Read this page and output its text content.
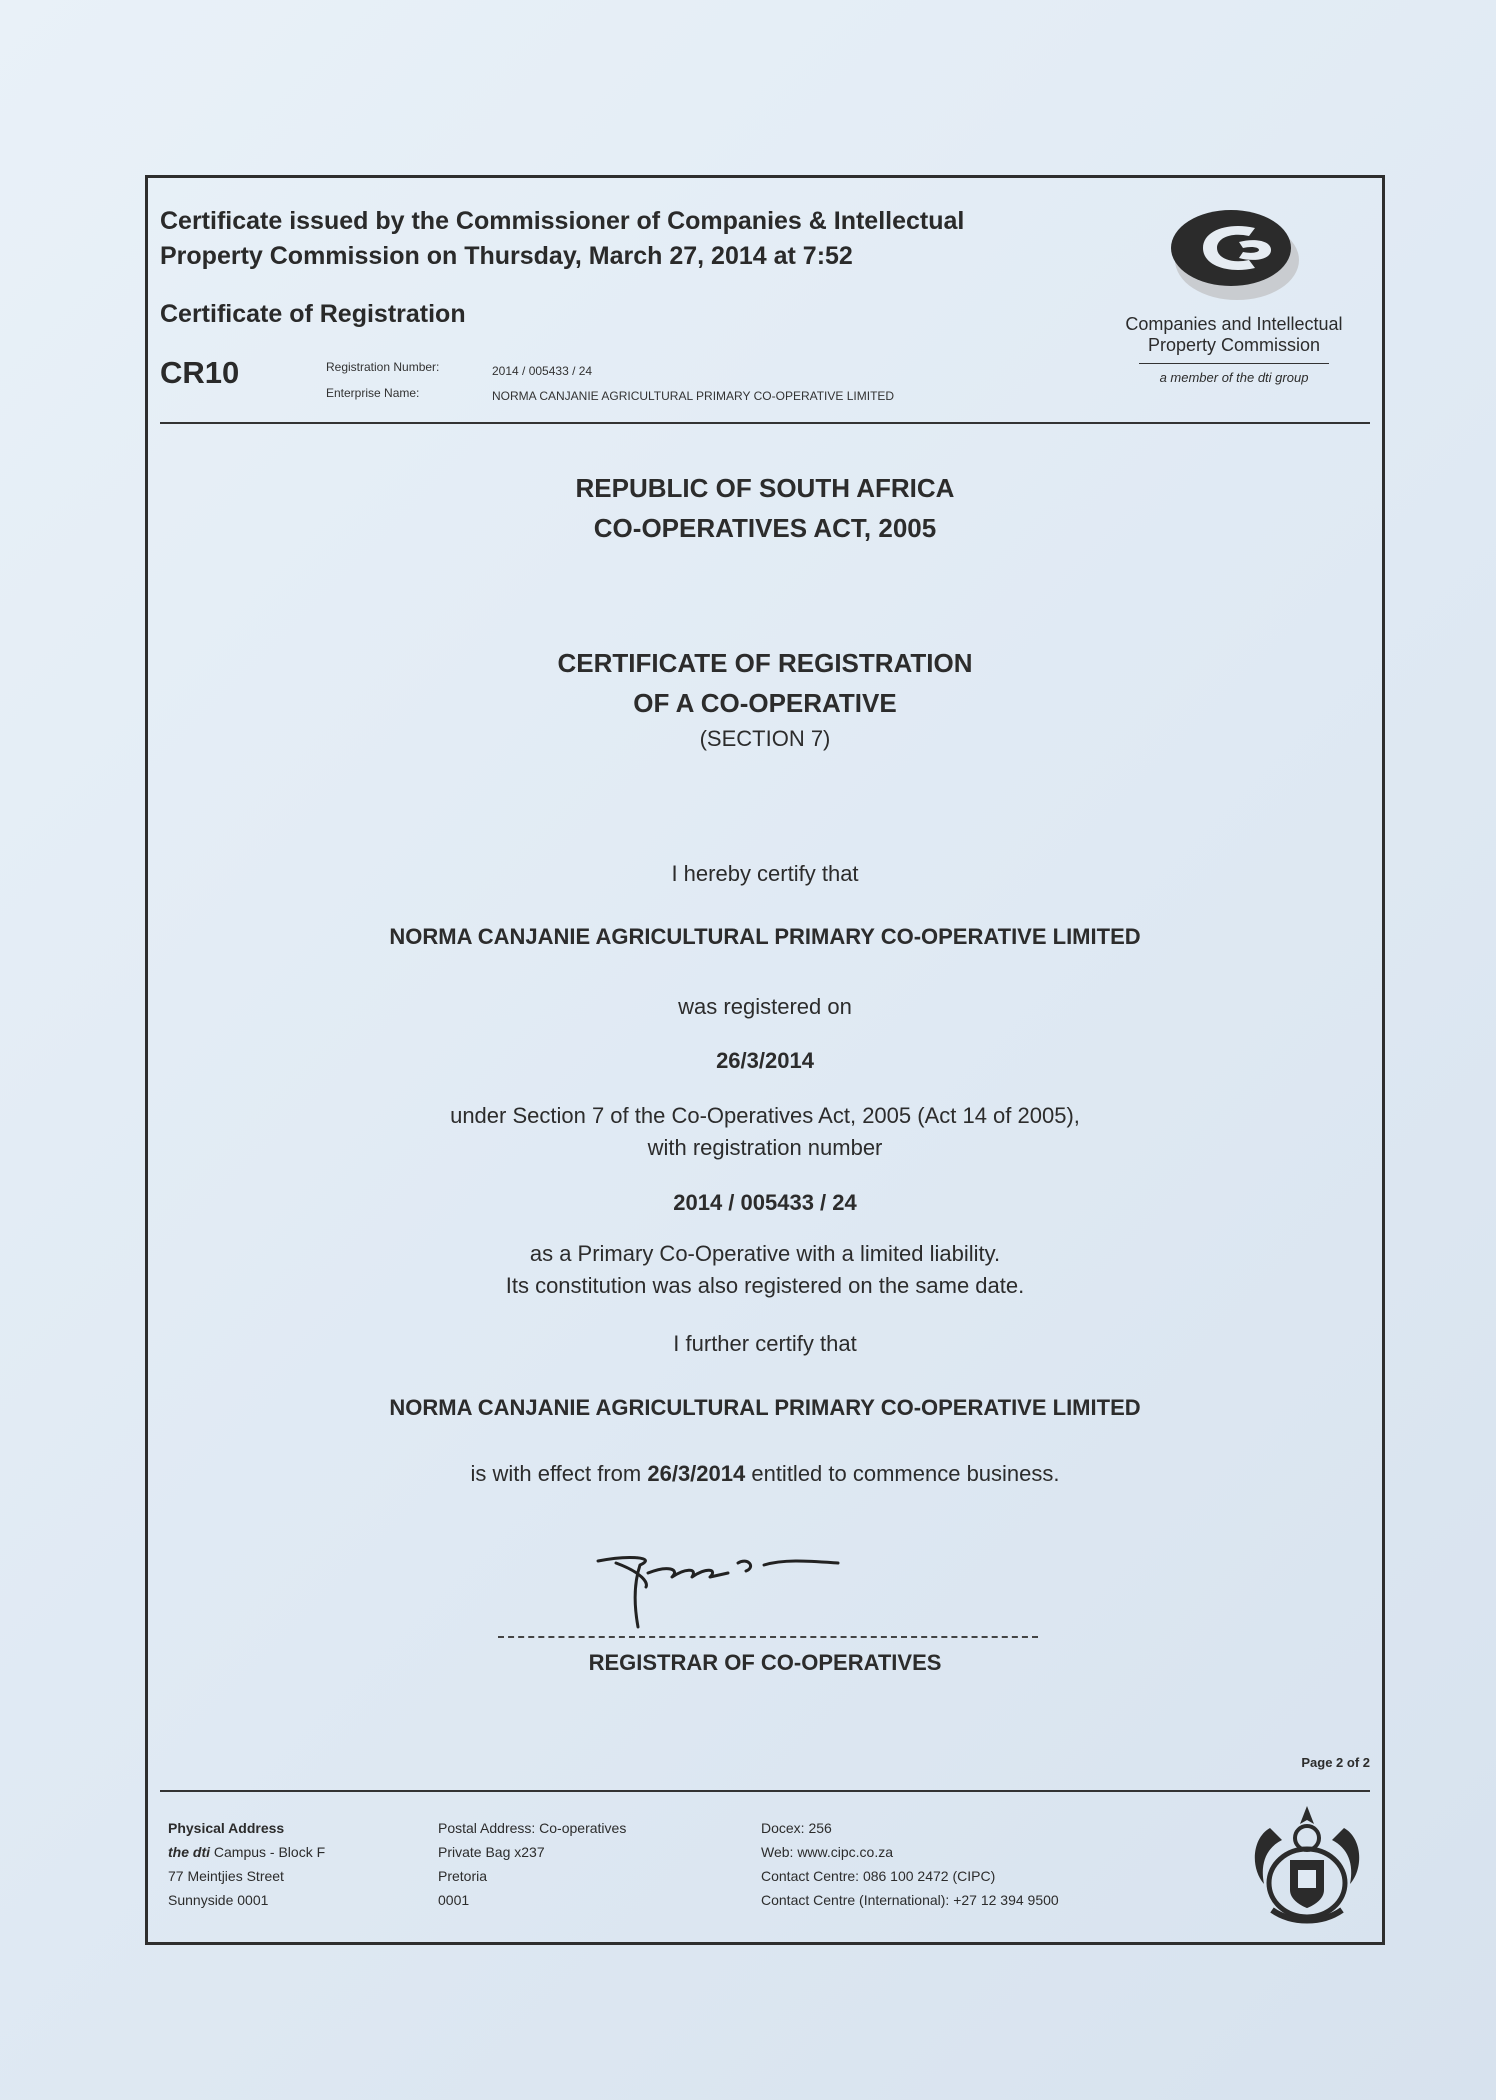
Certificate issued by the Commissioner of Companies & Intellectual
Property Commission on Thursday, March 27, 2014 at 7:52
Certificate of Registration
CR10	Registration Number:	2014 / 005433 / 24
Enterprise Name:	NORMA CANJANIE AGRICULTURAL PRIMARY CO-OPERATIVE LIMITED
Companies and Intellectual
Property Commission
a member of the dti group
REPUBLIC OF SOUTH AFRICA
CO-OPERATIVES ACT, 2005
CERTIFICATE OF REGISTRATION
OF A CO-OPERATIVE
(SECTION 7)
I hereby certify that
NORMA CANJANIE AGRICULTURAL PRIMARY CO-OPERATIVE LIMITED
was registered on
26/3/2014
under Section 7 of the Co-Operatives Act, 2005 (Act 14 of 2005),
with registration number
2014 / 005433 / 24
as a Primary Co-Operative with a limited liability.
Its constitution was also registered on the same date.
I further certify that
NORMA CANJANIE AGRICULTURAL PRIMARY CO-OPERATIVE LIMITED
is with effect from 26/3/2014 entitled to commence business.
REGISTRAR OF CO-OPERATIVES
Page 2 of 2
Physical Address
the dti Campus - Block F
77 Meintjies Street
Sunnyside 0001
Postal Address: Co-operatives
Private Bag x237
Pretoria
0001
Docex: 256
Web: www.cipc.co.za
Contact Centre: 086 100 2472 (CIPC)
Contact Centre (International): +27 12 394 9500
